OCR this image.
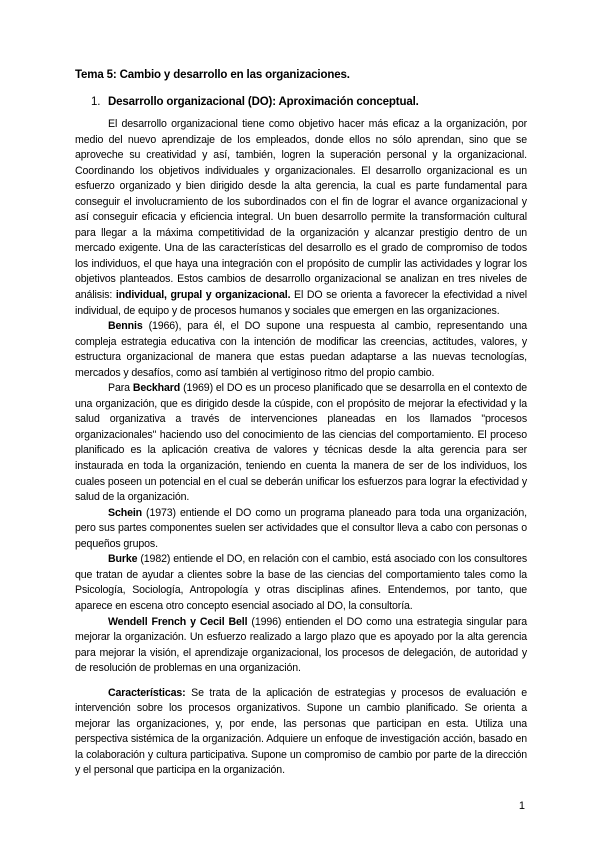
Tema 5: Cambio y desarrollo en las organizaciones.
1. Desarrollo organizacional (DO): Aproximación conceptual.

El desarrollo organizacional tiene como objetivo hacer más eficaz a la organización, por medio del nuevo aprendizaje de los empleados, donde ellos no sólo aprendan, sino que se aproveche su creatividad y así, también, logren la superación personal y la organizacional. Coordinando los objetivos individuales y organizacionales. El desarrollo organizacional es un esfuerzo organizado y bien dirigido desde la alta gerencia, la cual es parte fundamental para conseguir el involucramiento de los subordinados con el fin de lograr el avance organizacional y así conseguir eficacia y eficiencia integral. Un buen desarrollo permite la transformación cultural para llegar a la máxima competitividad de la organización y alcanzar prestigio dentro de un mercado exigente. Una de las características del desarrollo es el grado de compromiso de todos los individuos, el que haya una integración con el propósito de cumplir las actividades y lograr los objetivos planteados. Estos cambios de desarrollo organizacional se analizan en tres niveles de análisis: individual, grupal y organizacional. El DO se orienta a favorecer la efectividad a nivel individual, de equipo y de procesos humanos y sociales que emergen en las organizaciones.

Bennis (1966), para él, el DO supone una respuesta al cambio, representando una compleja estrategia educativa con la intención de modificar las creencias, actitudes, valores, y estructura organizacional de manera que estas puedan adaptarse a las nuevas tecnologías, mercados y desafíos, como así también al vertiginoso ritmo del propio cambio.

Para Beckhard (1969) el DO es un proceso planificado que se desarrolla en el contexto de una organización, que es dirigido desde la cúspide, con el propósito de mejorar la efectividad y la salud organizativa a través de intervenciones planeadas en los llamados "procesos organizacionales" haciendo uso del conocimiento de las ciencias del comportamiento. El proceso planificado es la aplicación creativa de valores y técnicas desde la alta gerencia para ser instaurada en toda la organización, teniendo en cuenta la manera de ser de los individuos, los cuales poseen un potencial en el cual se deberán unificar los esfuerzos para lograr la efectividad y salud de la organización.

Schein (1973) entiende el DO como un programa planeado para toda una organización, pero sus partes componentes suelen ser actividades que el consultor lleva a cabo con personas o pequeños grupos.

Burke (1982) entiende el DO, en relación con el cambio, está asociado con los consultores que tratan de ayudar a clientes sobre la base de las ciencias del comportamiento tales como la Psicología, Sociología, Antropología y otras disciplinas afines. Entendemos, por tanto, que aparece en escena otro concepto esencial asociado al DO, la consultoría.

Wendell French y Cecil Bell (1996) entienden el DO como una estrategia singular para mejorar la organización. Un esfuerzo realizado a largo plazo que es apoyado por la alta gerencia para mejorar la visión, el aprendizaje organizacional, los procesos de delegación, de autoridad y de resolución de problemas en una organización.

Características: Se trata de la aplicación de estrategias y procesos de evaluación e intervención sobre los procesos organizativos. Supone un cambio planificado. Se orienta a mejorar las organizaciones, y, por ende, las personas que participan en esta. Utiliza una perspectiva sistémica de la organización. Adquiere un enfoque de investigación acción, basado en la colaboración y cultura participativa. Supone un compromiso de cambio por parte de la dirección y el personal que participa en la organización.

1
